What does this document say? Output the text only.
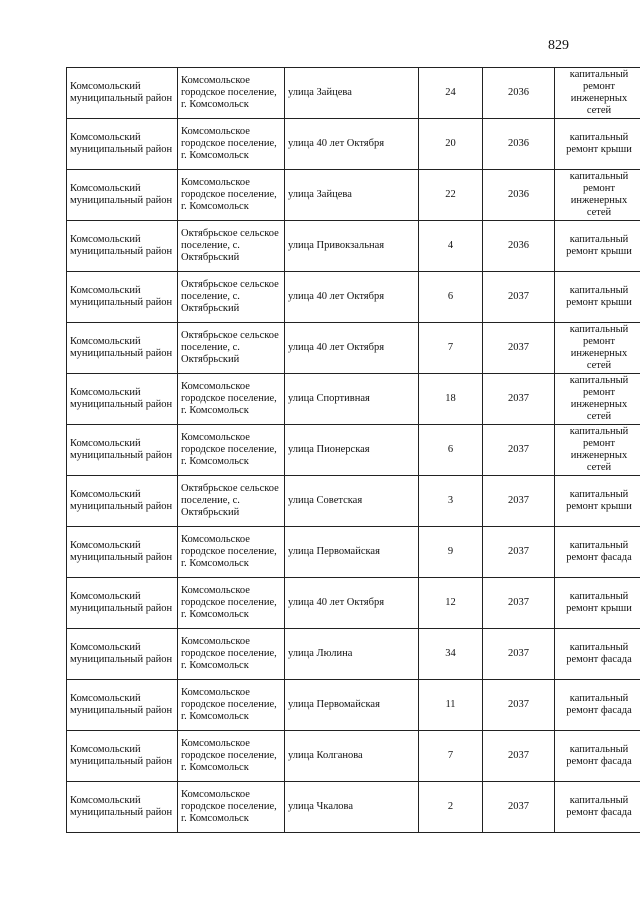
829
Комсомольский муниципальный район	Комсомольское городское поселение, г. Комсомольск	улица Зайцева	24	2036	капитальный ремонт инженерных сетей
Комсомольский муниципальный район	Комсомольское городское поселение, г. Комсомольск	улица 40 лет Октября	20	2036	капитальный ремонт крыши
Комсомольский муниципальный район	Комсомольское городское поселение, г. Комсомольск	улица Зайцева	22	2036	капитальный ремонт инженерных сетей
Комсомольский муниципальный район	Октябрьское сельское поселение, с. Октябрьский	улица Привокзальная	4	2036	капитальный ремонт крыши
Комсомольский муниципальный район	Октябрьское сельское поселение, с. Октябрьский	улица 40 лет Октября	6	2037	капитальный ремонт крыши
Комсомольский муниципальный район	Октябрьское сельское поселение, с. Октябрьский	улица 40 лет Октября	7	2037	капитальный ремонт инженерных сетей
Комсомольский муниципальный район	Комсомольское городское поселение, г. Комсомольск	улица Спортивная	18	2037	капитальный ремонт инженерных сетей
Комсомольский муниципальный район	Комсомольское городское поселение, г. Комсомольск	улица Пионерская	6	2037	капитальный ремонт инженерных сетей
Комсомольский муниципальный район	Октябрьское сельское поселение, с. Октябрьский	улица Советская	3	2037	капитальный ремонт крыши
Комсомольский муниципальный район	Комсомольское городское поселение, г. Комсомольск	улица Первомайская	9	2037	капитальный ремонт фасада
Комсомольский муниципальный район	Комсомольское городское поселение, г. Комсомольск	улица 40 лет Октября	12	2037	капитальный ремонт крыши
Комсомольский муниципальный район	Комсомольское городское поселение, г. Комсомольск	улица Люлина	34	2037	капитальный ремонт фасада
Комсомольский муниципальный район	Комсомольское городское поселение, г. Комсомольск	улица Первомайская	11	2037	капитальный ремонт фасада
Комсомольский муниципальный район	Комсомольское городское поселение, г. Комсомольск	улица Колганова	7	2037	капитальный ремонт фасада
Комсомольский муниципальный район	Комсомольское городское поселение, г. Комсомольск	улица Чкалова	2	2037	капитальный ремонт фасада
